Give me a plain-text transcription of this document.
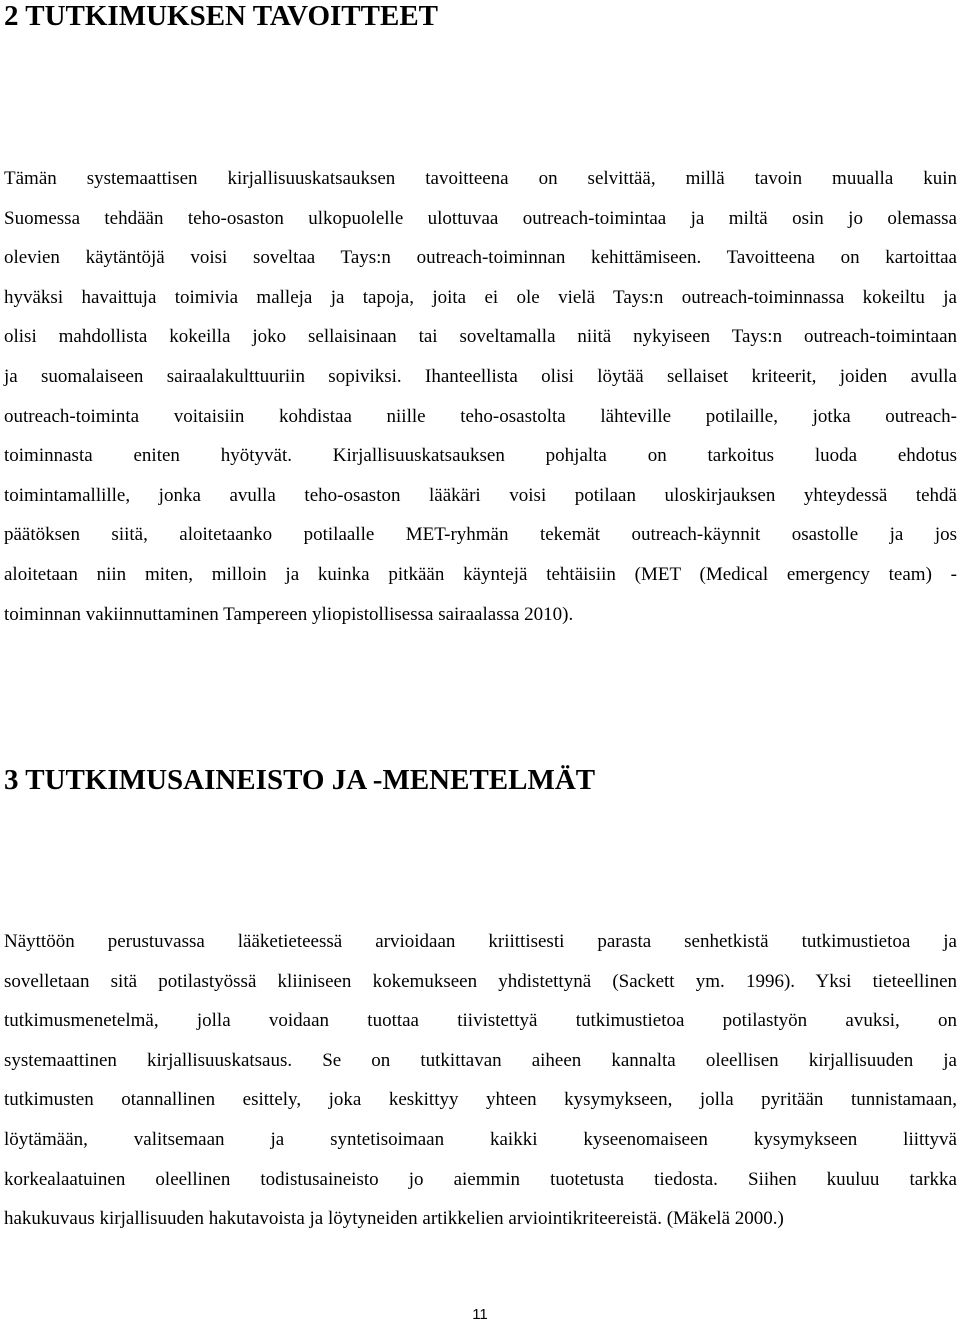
2 TUTKIMUKSEN TAVOITTEET
Tämän systemaattisen kirjallisuuskatsauksen tavoitteena on selvittää, millä tavoin muualla kuin
Suomessa tehdään teho-osaston ulkopuolelle ulottuvaa outreach-toimintaa ja miltä osin jo olemassa
olevien käytäntöjä voisi soveltaa Tays:n outreach-toiminnan kehittämiseen. Tavoitteena on kartoittaa
hyväksi havaittuja toimivia malleja ja tapoja, joita ei ole vielä Tays:n outreach-toiminnassa kokeiltu ja
olisi mahdollista kokeilla joko sellaisinaan tai soveltamalla niitä nykyiseen Tays:n outreach-toimintaan
ja suomalaiseen sairaalakulttuuriin sopiviksi. Ihanteellista olisi löytää sellaiset kriteerit, joiden avulla
outreach-toiminta voitaisiin kohdistaa niille teho-osastolta lähteville potilaille, jotka outreach-
toiminnasta eniten hyötyvät. Kirjallisuuskatsauksen pohjalta on tarkoitus luoda ehdotus
toimintamallille, jonka avulla teho-osaston lääkäri voisi potilaan uloskirjauksen yhteydessä tehdä
päätöksen siitä, aloitetaanko potilaalle MET-ryhmän tekemät outreach-käynnit osastolle ja jos
aloitetaan niin miten, milloin ja kuinka pitkään käyntejä tehtäisiin (MET (Medical emergency team) -
toiminnan vakiinnuttaminen Tampereen yliopistollisessa sairaalassa 2010).
3 TUTKIMUSAINEISTO JA -MENETELMÄT
Näyttöön perustuvassa lääketieteessä arvioidaan kriittisesti parasta senhetkistä tutkimustietoa ja
sovelletaan sitä potilastyössä kliiniseen kokemukseen yhdistettynä (Sackett ym. 1996). Yksi tieteellinen
tutkimusmenetelmä, jolla voidaan tuottaa tiivistettyä tutkimustietoa potilastyön avuksi, on
systemaattinen kirjallisuuskatsaus. Se on tutkittavan aiheen kannalta oleellisen kirjallisuuden ja
tutkimusten otannallinen esittely, joka keskittyy yhteen kysymykseen, jolla pyritään tunnistamaan,
löytämään, valitsemaan ja syntetisoimaan kaikki kyseenomaiseen kysymykseen liittyvä
korkealaatuinen oleellinen todistusaineisto jo aiemmin tuotetusta tiedosta. Siihen kuuluu tarkka
hakukuvaus kirjallisuuden hakutavoista ja löytyneiden artikkelien arviointikriteereistä. (Mäkelä 2000.)
11
